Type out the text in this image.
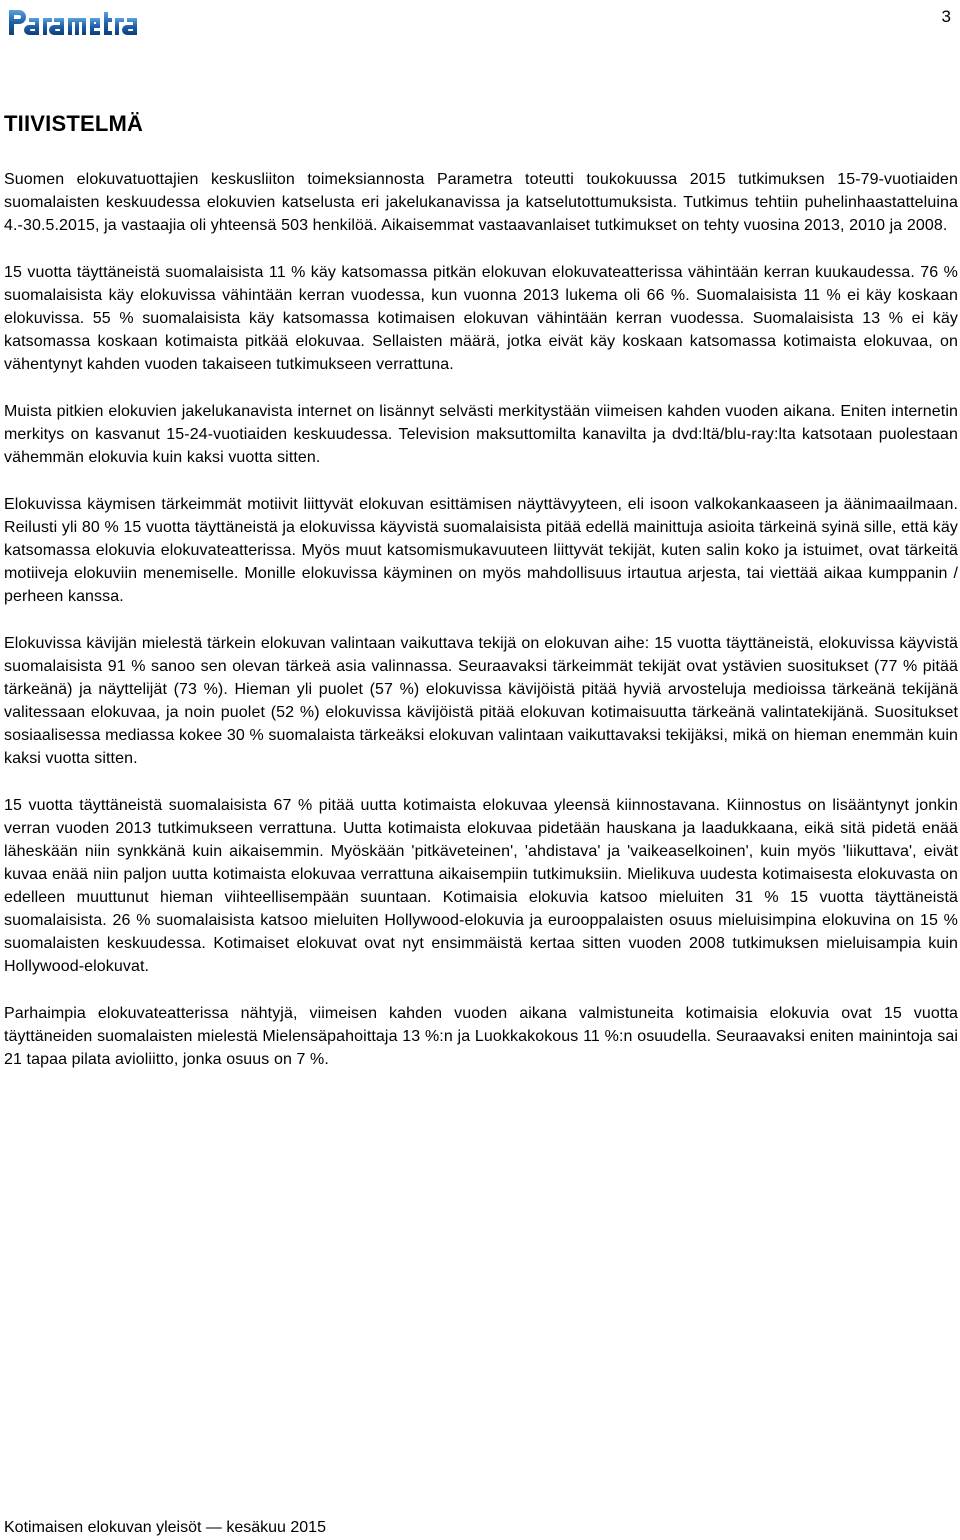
3
TIIVISTELMÄ

Suomen elokuvatuottajien keskusliiton toimeksiannosta Parametra toteutti toukokuussa 2015 tutkimuksen 15-79-vuotiaiden suomalaisten keskuudessa elokuvien katselusta eri jakelukanavissa ja katselutottumuksista. Tutkimus tehtiin puhelinhaastatteluina 4.-30.5.2015, ja vastaajia oli yhteensä 503 henkilöä. Aikaisemmat vastaavanlaiset tutkimukset on tehty vuosina 2013, 2010 ja 2008.

15 vuotta täyttäneistä suomalaisista 11 % käy katsomassa pitkän elokuvan elokuvateatterissa vähintään kerran kuukaudessa. 76 % suomalaisista käy elokuvissa vähintään kerran vuodessa, kun vuonna 2013 lukema oli 66 %. Suomalaisista 11 % ei käy koskaan elokuvissa. 55 % suomalaisista käy katsomassa kotimaisen elokuvan vähintään kerran vuodessa. Suomalaisista 13 % ei käy katsomassa koskaan kotimaista pitkää elokuvaa. Sellaisten määrä, jotka eivät käy koskaan katsomassa kotimaista elokuvaa, on vähentynyt kahden vuoden takaiseen tutkimukseen verrattuna.

Muista pitkien elokuvien jakelukanavista internet on lisännyt selvästi merkitystään viimeisen kahden vuoden aikana. Eniten internetin merkitys on kasvanut 15-24-vuotiaiden keskuudessa. Television maksuttomilta kanavilta ja dvd:ltä/blu-ray:lta katsotaan puolestaan vähemmän elokuvia kuin kaksi vuotta sitten.

Elokuvissa käymisen tärkeimmät motiivit liittyvät elokuvan esittämisen näyttävyyteen, eli isoon valkokankaaseen ja äänimaailmaan. Reilusti yli 80 % 15 vuotta täyttäneistä ja elokuvissa käyvistä suomalaisista pitää edellä mainittuja asioita tärkeinä syinä sille, että käy katsomassa elokuvia elokuvateatterissa. Myös muut katsomismukavuuteen liittyvät tekijät, kuten salin koko ja istuimet, ovat tärkeitä motiiveja elokuviin menemiselle. Monille elokuvissa käyminen on myös mahdollisuus irtautua arjesta, tai viettää aikaa kumppanin / perheen kanssa.

Elokuvissa kävijän mielestä tärkein elokuvan valintaan vaikuttava tekijä on elokuvan aihe: 15 vuotta täyttäneistä, elokuvissa käyvistä suomalaisista 91 % sanoo sen olevan tärkeä asia valinnassa. Seuraavaksi tärkeimmät tekijät ovat ystävien suositukset (77 % pitää tärkeänä) ja näyttelijät (73 %). Hieman yli puolet (57 %) elokuvissa kävijöistä pitää hyviä arvosteluja medioissa tärkeänä tekijänä valitessaan elokuvaa, ja noin puolet (52 %) elokuvissa kävijöistä pitää elokuvan kotimaisuutta tärkeänä valintatekijänä. Suositukset sosiaalisessa mediassa kokee 30 % suomalaista tärkeäksi elokuvan valintaan vaikuttavaksi tekijäksi, mikä on hieman enemmän kuin kaksi vuotta sitten.

15 vuotta täyttäneistä suomalaisista 67 % pitää uutta kotimaista elokuvaa yleensä kiinnostavana. Kiinnostus on lisääntynyt jonkin verran vuoden 2013 tutkimukseen verrattuna. Uutta kotimaista elokuvaa pidetään hauskana ja laadukkaana, eikä sitä pidetä enää läheskään niin synkkänä kuin aikaisemmin. Myöskään 'pitkäveteinen', 'ahdistava' ja 'vaikeaselkoinen', kuin myös 'liikuttava', eivät kuvaa enää niin paljon uutta kotimaista elokuvaa verrattuna aikaisempiin tutkimuksiin. Mielikuva uudesta kotimaisesta elokuvasta on edelleen muuttunut hieman viihteellisempään suuntaan. Kotimaisia elokuvia katsoo mieluiten 31 % 15 vuotta täyttäneistä suomalaisista. 26 % suomalaisista katsoo mieluiten Hollywood-elokuvia ja eurooppalaisten osuus mieluisimpina elokuvina on 15 % suomalaisten keskuudessa. Kotimaiset elokuvat ovat nyt ensimmäistä kertaa sitten vuoden 2008 tutkimuksen mieluisampia kuin Hollywood-elokuvat.

Parhaimpia elokuvateatterissa nähtyjä, viimeisen kahden vuoden aikana valmistuneita kotimaisia elokuvia ovat 15 vuotta täyttäneiden suomalaisten mielestä Mielensäpahoittaja 13 %:n ja Luokkakokous 11 %:n osuudella. Seuraavaksi eniten mainintoja sai 21 tapaa pilata avioliitto, jonka osuus on 7 %.

Kotimaisen elokuvan yleisöt — kesäkuu 2015
